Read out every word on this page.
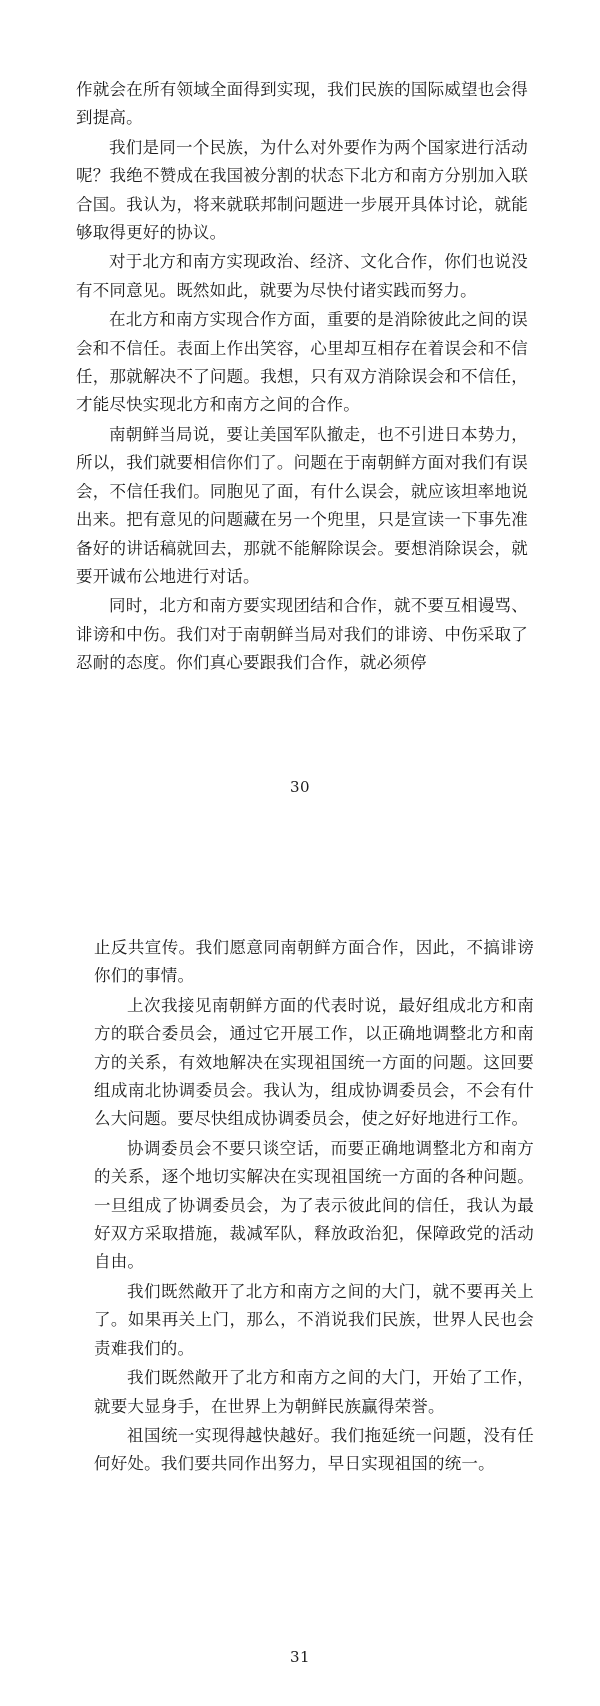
作就会在所有领域全面得到实现，我们民族的国际威望也会得到提高。

我们是同一个民族，为什么对外要作为两个国家进行活动呢？我绝不赞成在我国被分割的状态下北方和南方分别加入联合国。我认为，将来就联邦制问题进一步展开具体讨论，就能够取得更好的协议。

对于北方和南方实现政治、经济、文化合作，你们也说没有不同意见。既然如此，就要为尽快付诸实践而努力。

在北方和南方实现合作方面，重要的是消除彼此之间的误会和不信任。表面上作出笑容，心里却互相存在着误会和不信任，那就解决不了问题。我想，只有双方消除误会和不信任，才能尽快实现北方和南方之间的合作。

南朝鲜当局说，要让美国军队撤走，也不引进日本势力，所以，我们就要相信你们了。问题在于南朝鲜方面对我们有误会，不信任我们。同胞见了面，有什么误会，就应该坦率地说出来。把有意见的问题藏在另一个兜里，只是宣读一下事先准备好的讲话稿就回去，那就不能解除误会。要想消除误会，就要开诚布公地进行对话。

同时，北方和南方要实现团结和合作，就不要互相谩骂、诽谤和中伤。我们对于南朝鲜当局对我们的诽谤、中伤采取了忍耐的态度。你们真心要跟我们合作，就必须停

30

止反共宣传。我们愿意同南朝鲜方面合作，因此，不搞诽谤你们的事情。

上次我接见南朝鲜方面的代表时说，最好组成北方和南方的联合委员会，通过它开展工作，以正确地调整北方和南方的关系，有效地解决在实现祖国统一方面的问题。这回要组成南北协调委员会。我认为，组成协调委员会，不会有什么大问题。要尽快组成协调委员会，使之好好地进行工作。

协调委员会不要只谈空话，而要正确地调整北方和南方的关系，逐个地切实解决在实现祖国统一方面的各种问题。一旦组成了协调委员会，为了表示彼此间的信任，我认为最好双方采取措施，裁减军队，释放政治犯，保障政党的活动自由。

我们既然敞开了北方和南方之间的大门，就不要再关上了。如果再关上门，那么，不消说我们民族，世界人民也会责难我们的。

我们既然敞开了北方和南方之间的大门，开始了工作，就要大显身手，在世界上为朝鲜民族赢得荣誉。

祖国统一实现得越快越好。我们拖延统一问题，没有任何好处。我们要共同作出努力，早日实现祖国的统一。

31
